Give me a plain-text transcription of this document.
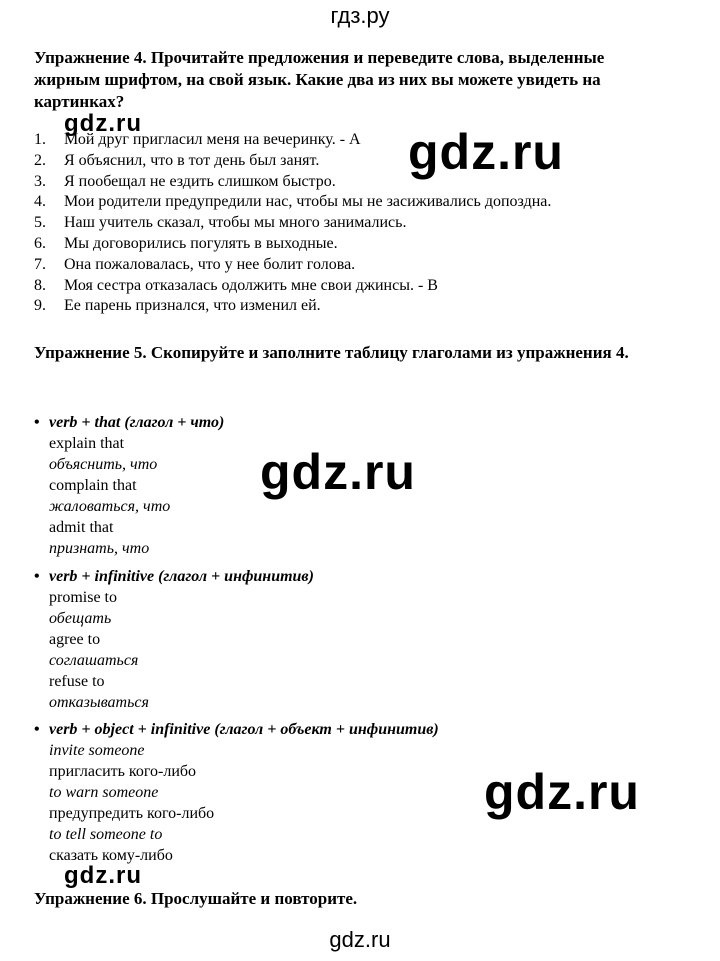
гдз.ру

Упражнение 4. Прочитайте предложения и переведите слова, выделенные жирным шрифтом, на свой язык. Какие два из них вы можете увидеть на картинках?

1.	Мой друг пригласил меня на вечеринку. - A
2.	Я объяснил, что в тот день был занят.
3.	Я пообещал не ездить слишком быстро.
4.	Мои родители предупредили нас, чтобы мы не засиживались допоздна.
5.	Наш учитель сказал, чтобы мы много занимались.
6.	Мы договорились погулять в выходные.
7.	Она пожаловалась, что у нее болит голова.
8.	Моя сестра отказалась одолжить мне свои джинсы. - B
9.	Ее парень признался, что изменил ей.

Упражнение 5. Скопируйте и заполните таблицу глаголами из упражнения 4.

• verb + that (глагол + что)
explain that
объяснить, что
complain that
жаловаться, что
admit that
признать, что
• verb + infinitive (глагол + инфинитив)
promise to
обещать
agree to
соглашаться
refuse to
отказываться
• verb + object + infinitive (глагол + объект + инфинитив)
invite someone
пригласить кого-либо
to warn someone
предупредить кого-либо
to tell someone to
сказать кому-либо

Упражнение 6. Прослушайте и повторите.

gdz.ru
gdz.ru
gdz.ru
gdz.ru
gdz.ru
gdz.ru
